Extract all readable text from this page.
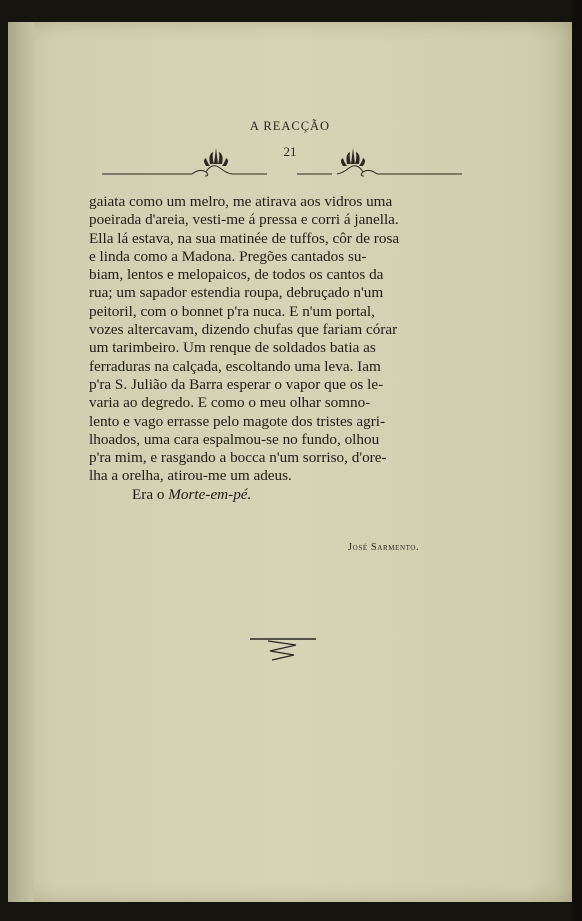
A REACÇÃO
21

gaiata como um melro, me atirava aos vidros uma

poeirada d'areia, vesti-me á pressa e corri á janella.

Ella lá estava, na sua matinée de tuffos, côr de rosa

e linda como a Madona. Pregões cantados su-

biam, lentos e melopaicos, de todos os cantos da

rua; um sapador estendia roupa, debruçado n'um

peitoril, com o bonnet p'ra nuca. E n'um portal,

vozes altercavam, dizendo chufas que fariam córar

um tarimbeiro. Um renque de soldados batia as

ferraduras na calçada, escoltando uma leva. Iam

p'ra S. Julião da Barra esperar o vapor que os le-

varia ao degredo. E como o meu olhar somno-

lento e vago errasse pelo magote dos tristes agri-

lhoados, uma cara espalmou-se no fundo, olhou

p'ra mim, e rasgando a bocca n'um sorriso, d'ore-

lha a orelha, atirou-me um adeus.

Era o Morte-em-pé.

José Sarmento.
